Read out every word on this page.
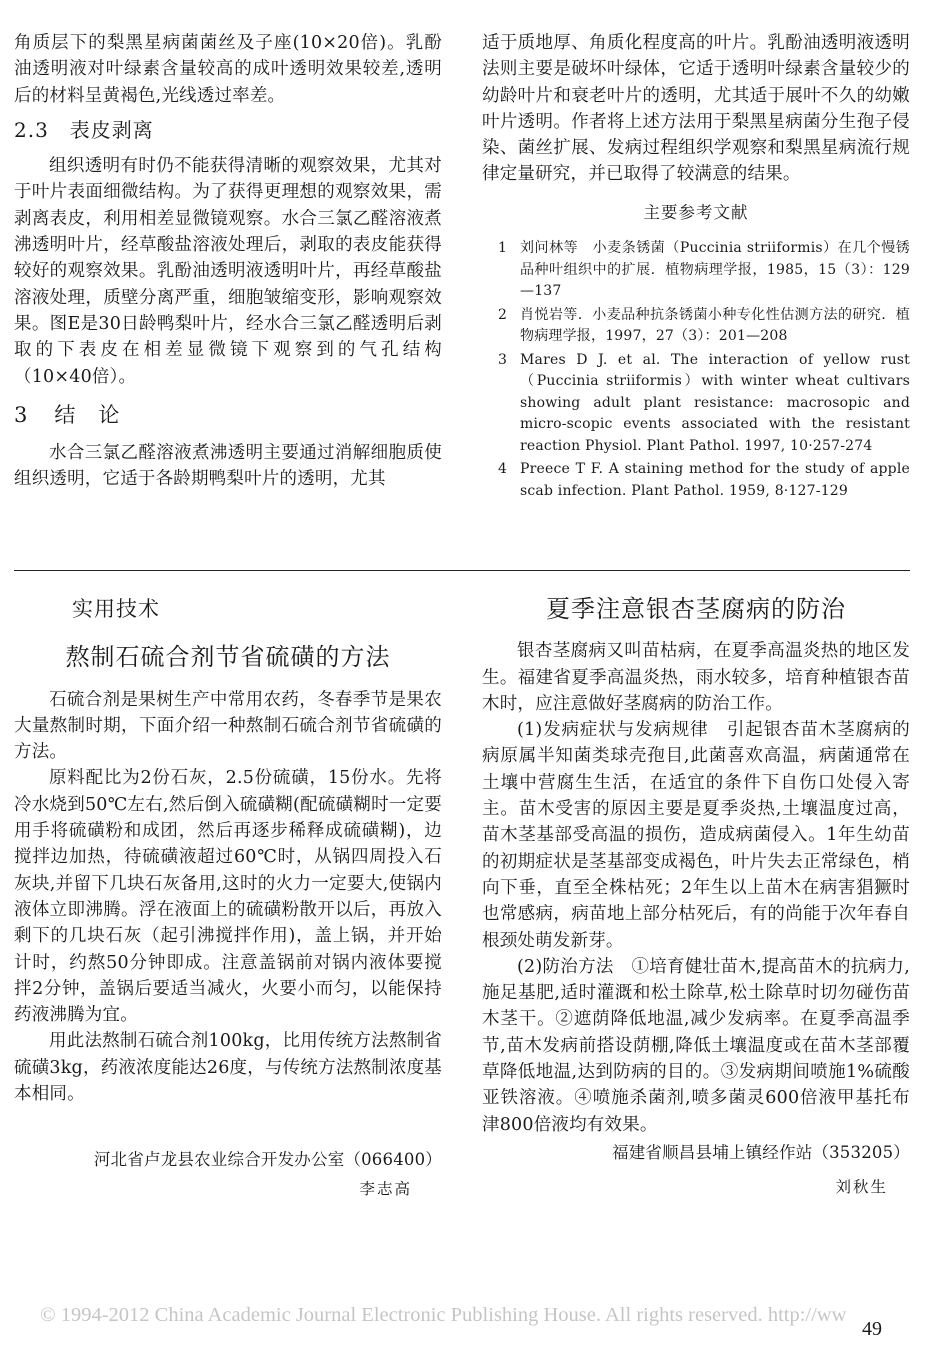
角质层下的梨黑星病菌菌丝及子座(10×20倍)。乳酚油透明液对叶绿素含量较高的成叶透明效果较差,透明后的材料呈黄褐色,光线透过率差。

2.3　表皮剥离

组织透明有时仍不能获得清晰的观察效果，尤其对于叶片表面细微结构。为了获得更理想的观察效果，需剥离表皮，利用相差显微镜观察。水合三氯乙醛溶液煮沸透明叶片，经草酸盐溶液处理后，剥取的表皮能获得较好的观察效果。乳酚油透明液透明叶片，再经草酸盐溶液处理，质壁分离严重，细胞皱缩变形，影响观察效果。图E是30日龄鸭梨叶片，经水合三氯乙醛透明后剥取的下表皮在相差显微镜下观察到的气孔结构（10×40倍）。

3 结 论

水合三氯乙醛溶液煮沸透明主要通过消解细胞质使组织透明，它适于各龄期鸭梨叶片的透明，尤其

适于质地厚、角质化程度高的叶片。乳酚油透明液透明法则主要是破坏叶绿体，它适于透明叶绿素含量较少的幼龄叶片和衰老叶片的透明，尤其适于展叶不久的幼嫩叶片透明。作者将上述方法用于梨黑星病菌分生孢子侵染、菌丝扩展、发病过程组织学观察和梨黑星病流行规律定量研究，并已取得了较满意的结果。

主要参考文献
1 刘问林等　小麦条锈菌（Puccinia striiformis）在几个慢锈品种叶组织中的扩展．植物病理学报，1985，15（3）：129—137
2 肖悦岩等．小麦品种抗条锈菌小种专化性估测方法的研究．植物病理学报，1997，27（3）：201—208
3 Mares D J. et al. The interaction of yellow rust（Puccinia striiformis）with winter wheat cultivars showing adult plant resistance: macrosopic and micro-scopic events associated with the resistant reaction Physiol. Plant Pathol. 1997, 10·257-274
4 Preece T F. A staining method for the study of apple scab infection. Plant Pathol. 1959, 8·127-129
实用技术
熬制石硫合剂节省硫磺的方法

石硫合剂是果树生产中常用农药，冬春季节是果农大量熬制时期，下面介绍一种熬制石硫合剂节省硫磺的方法。

原料配比为2份石灰，2.5份硫磺，15份水。先将冷水烧到50℃左右,然后倒入硫磺糊(配硫磺糊时一定要用手将硫磺粉和成团，然后再逐步稀释成硫磺糊)，边搅拌边加热，待硫磺液超过60℃时，从锅四周投入石灰块,并留下几块石灰备用,这时的火力一定要大,使锅内液体立即沸腾。浮在液面上的硫磺粉散开以后，再放入剩下的几块石灰（起引沸搅拌作用)，盖上锅，并开始计时，约熬50分钟即成。注意盖锅前对锅内液体要搅拌2分钟，盖锅后要适当减火，火要小而匀，以能保持药液沸腾为宜。

用此法熬制石硫合剂100kg，比用传统方法熬制省硫磺3kg，药液浓度能达26度，与传统方法熬制浓度基本相同。

河北省卢龙县农业综合开发办公室（066400）
李志高
夏季注意银杏茎腐病的防治

银杏茎腐病又叫苗枯病，在夏季高温炎热的地区发生。福建省夏季高温炎热，雨水较多，培育种植银杏苗木时，应注意做好茎腐病的防治工作。

(1)发病症状与发病规律　引起银杏苗木茎腐病的病原属半知菌类球壳孢目,此菌喜欢高温，病菌通常在土壤中营腐生生活，在适宜的条件下自伤口处侵入寄主。苗木受害的原因主要是夏季炎热,土壤温度过高，苗木茎基部受高温的损伤，造成病菌侵入。1年生幼苗的初期症状是茎基部变成褐色，叶片失去正常绿色，梢向下垂，直至全株枯死；2年生以上苗木在病害猖獗时也常感病，病苗地上部分枯死后，有的尚能于次年春自根颈处萌发新芽。

(2)防治方法　①培育健壮苗木,提高苗木的抗病力,施足基肥,适时灌溉和松土除草,松土除草时切勿碰伤苗木茎干。②遮荫降低地温,减少发病率。在夏季高温季节,苗木发病前搭设荫棚,降低土壤温度或在苗木茎部覆草降低地温,达到防病的目的。③发病期间喷施1%硫酸亚铁溶液。④喷施杀菌剂,喷多菌灵600倍液甲基托布津800倍液均有效果。

福建省顺昌县埔上镇经作站（353205）
刘秋生
© 1994-2012 China Academic Journal Electronic Publishing House. All rights reserved. http://ww
49
